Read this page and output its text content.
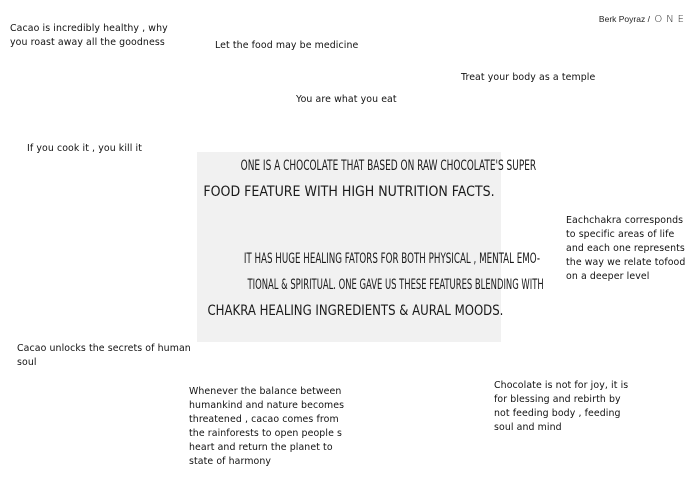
Berk Poyraz / ONE
Cacao is incredibly healthy , why you roast away all the goodness	Let the food may be medicine
Treat your body as a temple
You are what you eat
If you cook it , you kill it
Eachchakra corresponds to specific areas of life and each one represents the way we relate tofood on a deeper level
Cacao unlocks the secrets of human soul
Whenever the balance between humankind and nature becomes threatened , cacao comes from the rainforests to open people s heart and return the planet to state of harmony
Chocolate is not for joy, it is for blessing and rebirth by not feeding body , feeding soul and mind

ONE IS A CHOCOLATE THAT BASED ON RAW CHOCOLATE'S SUPER

FOOD FEATURE WITH HIGH NUTRITION FACTS.

IT HAS HUGE HEALING FATORS FOR BOTH PHYSICAL , MENTAL EMO-

TIONAL & SPIRITUAL. ONE GAVE US THESE FEATURES BLENDING WITH

CHAKRA HEALING INGREDIENTS & AURAL MOODS.
